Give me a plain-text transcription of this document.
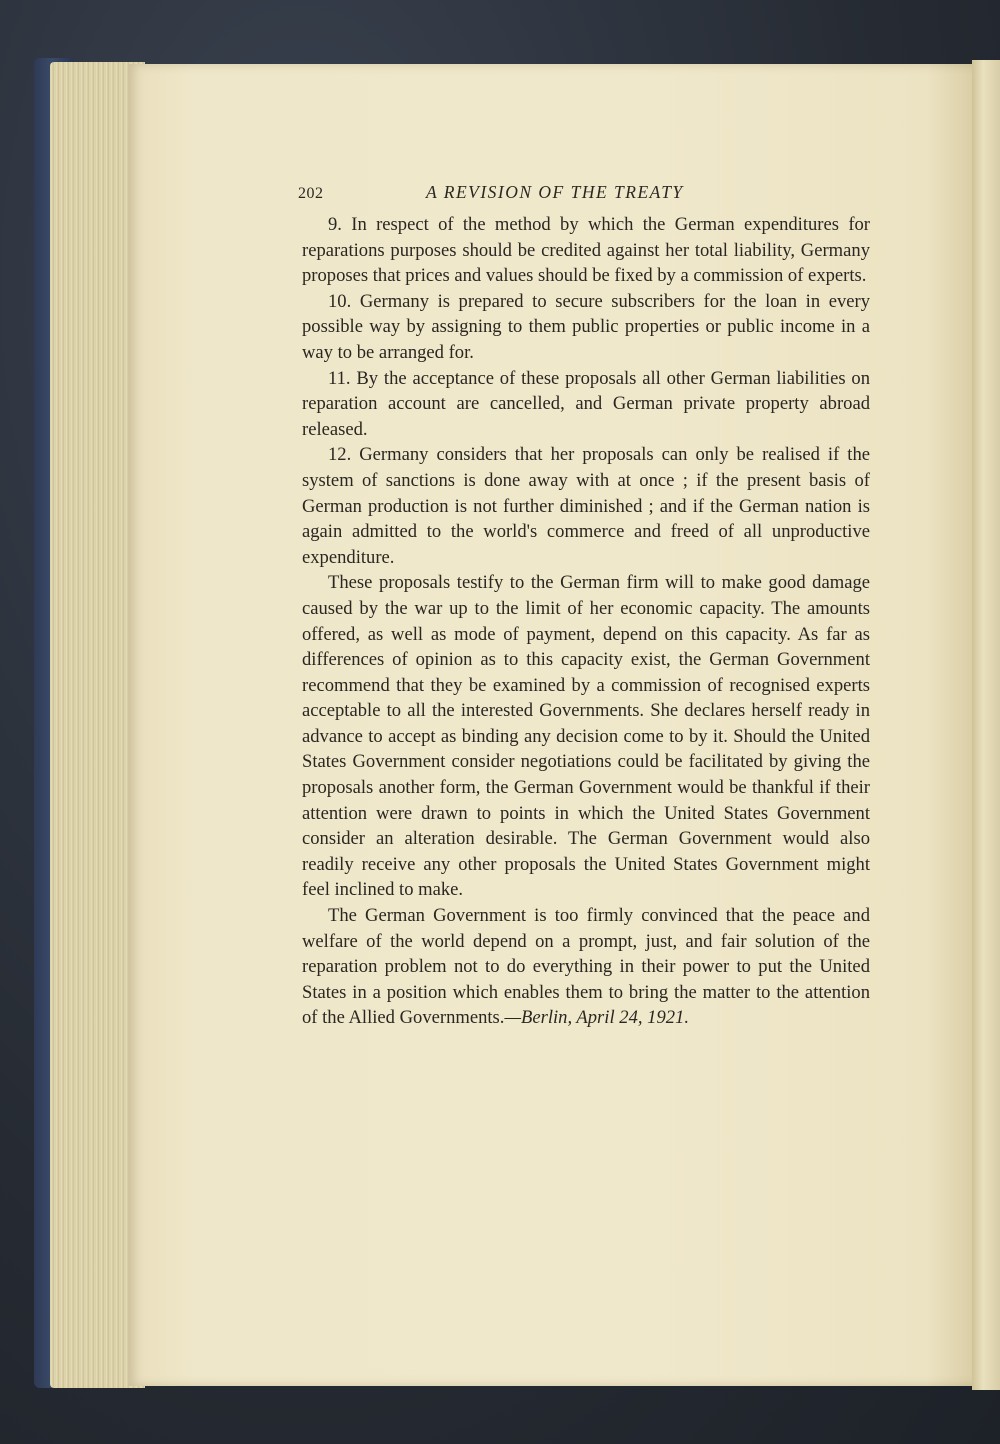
202	A REVISION OF THE TREATY

9. In respect of the method by which the German expenditures for reparations purposes should be credited against her total liability, Germany proposes that prices and values should be fixed by a commission of experts.

10. Germany is prepared to secure subscribers for the loan in every possible way by assigning to them public properties or public income in a way to be arranged for.

11. By the acceptance of these proposals all other German liabilities on reparation account are cancelled, and German private property abroad released.

12. Germany considers that her proposals can only be realised if the system of sanctions is done away with at once ; if the present basis of German production is not further diminished ; and if the German nation is again admitted to the world's commerce and freed of all unproductive expenditure.

These proposals testify to the German firm will to make good damage caused by the war up to the limit of her economic capacity. The amounts offered, as well as mode of payment, depend on this capacity. As far as differences of opinion as to this capacity exist, the German Government recommend that they be examined by a commission of recognised experts acceptable to all the interested Governments. She declares herself ready in advance to accept as binding any decision come to by it. Should the United States Government consider negotiations could be facilitated by giving the proposals another form, the German Government would be thankful if their attention were drawn to points in which the United States Government consider an alteration desirable. The German Government would also readily receive any other proposals the United States Government might feel inclined to make.

The German Government is too firmly convinced that the peace and welfare of the world depend on a prompt, just, and fair solution of the reparation problem not to do everything in their power to put the United States in a position which enables them to bring the matter to the attention of the Allied Governments.—Berlin, April 24, 1921.
